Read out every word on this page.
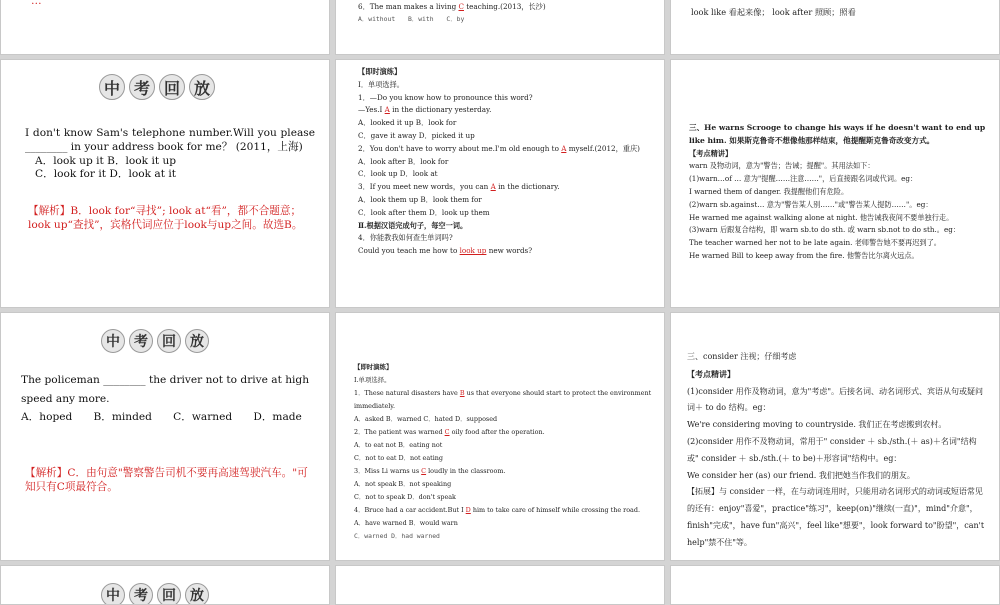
…	6．The man makes a living C teaching.(2013，长沙)

A．without　　B．with　　C．by

look like 看起来像； look after 照顾；照看

中 考 回 放

I don't know Sam's telephone number.Will you please ________ in your address book for me？ (2011，上海)

A．look up it B．look it up

C．look for it D．look at it

【解析】B．look for“寻找”; look at“看”，都不合题意；look up“查找”，宾格代词应位于look与up之间。故选B。

【即时演练】
Ⅰ．单项选择。
1．—Do you know how to pronounce this word?
—Yes.I A in the dictionary yesterday.
A．looked it up B．look for
C．gave it away D．picked it up
2．You don't have to worry about me.I'm old enough to A myself.(2012，重庆)
A．look after B．look for
C．look up D．look at
3．If you meet new words，you can A in the dictionary.
A．look them up B．look them for
C．look after them D．look up them
Ⅱ.根据汉语完成句子，每空一词。
4．你能教我如何查生单词吗?
Could you teach me how to look up new words?
三、He warns Scrooge to change his ways if he doesn't want to end up like him. 如果斯克鲁奇不想像他那样结束，他提醒斯克鲁奇改变方式。
【考点精讲】
warn 及物动词，意为"警告；告诫；提醒"。其用法如下：
(1)warn…of … 意为"提醒……注意……"，后直接跟名词或代词。eg：
I warned them of danger. 我提醒他们有危险。
(2)warn sb.against… 意为"警告某人别……"或"警告某人提防……"。eg：
He warned me against walking alone at night. 他告诫我夜间不要单独行走。
(3)warn 后跟复合结构，即 warn sb.to do sth. 或 warn sb.not to do sth.。eg：
The teacher warned her not to be late again. 老师警告她不要再迟到了。
He warned Bill to keep away from the fire. 他警告比尔离火远点。
中	考	回	放

The policeman ________ the driver not to drive at high speed any more.

A．hoped　　B．minded　　C．warned　　D．made

【解析】C．由句意"警察警告司机不要再高速驾驶汽车。"可知只有C项最符合。

【即时演练】
Ⅰ.单项选择。
1．These natural disasters have B us that everyone should start to protect the environment immediately.
A．asked B．warned C．hated D．supposed
2．The patient was warned C oily food after the operation.
A．to eat not B．eating not
C．not to eat D．not eating
3．Miss Li warns us C loudly in the classroom.
A．not speak B．not speaking
C．not to speak D．don't speak
4．Bruce had a car accident.But I D him to take care of himself while crossing the road.
A．have warned B．would warn
C．warned D．had warned
三、consider 注视；仔细考虑
【考点精讲】
(1)consider 用作及物动词，意为"考虑"。后接名词、动名词形式、宾语从句或疑问词＋ to do 结构。eg：
We're considering moving to countryside. 我们正在考虑搬到农村。
(2)consider 用作不及物动词，常用于" consider ＋ sb./sth.(＋ as)＋名词"结构或" consider ＋ sb./sth.(＋ to be)＋形容词"结构中。eg：
We consider her (as) our friend. 我们把她当作我们的朋友。
【拓展】与 consider 一样，在与动词连用时，只能用动名词形式的动词或短语常见的还有：enjoy"喜爱"，practice"练习"，keep(on)"继续(一直)"，mind"介意"，finish"完成"，have fun"高兴"，feel like"想要"，look forward to"盼望"，can't help"禁不住"等。
中	考	回	放
